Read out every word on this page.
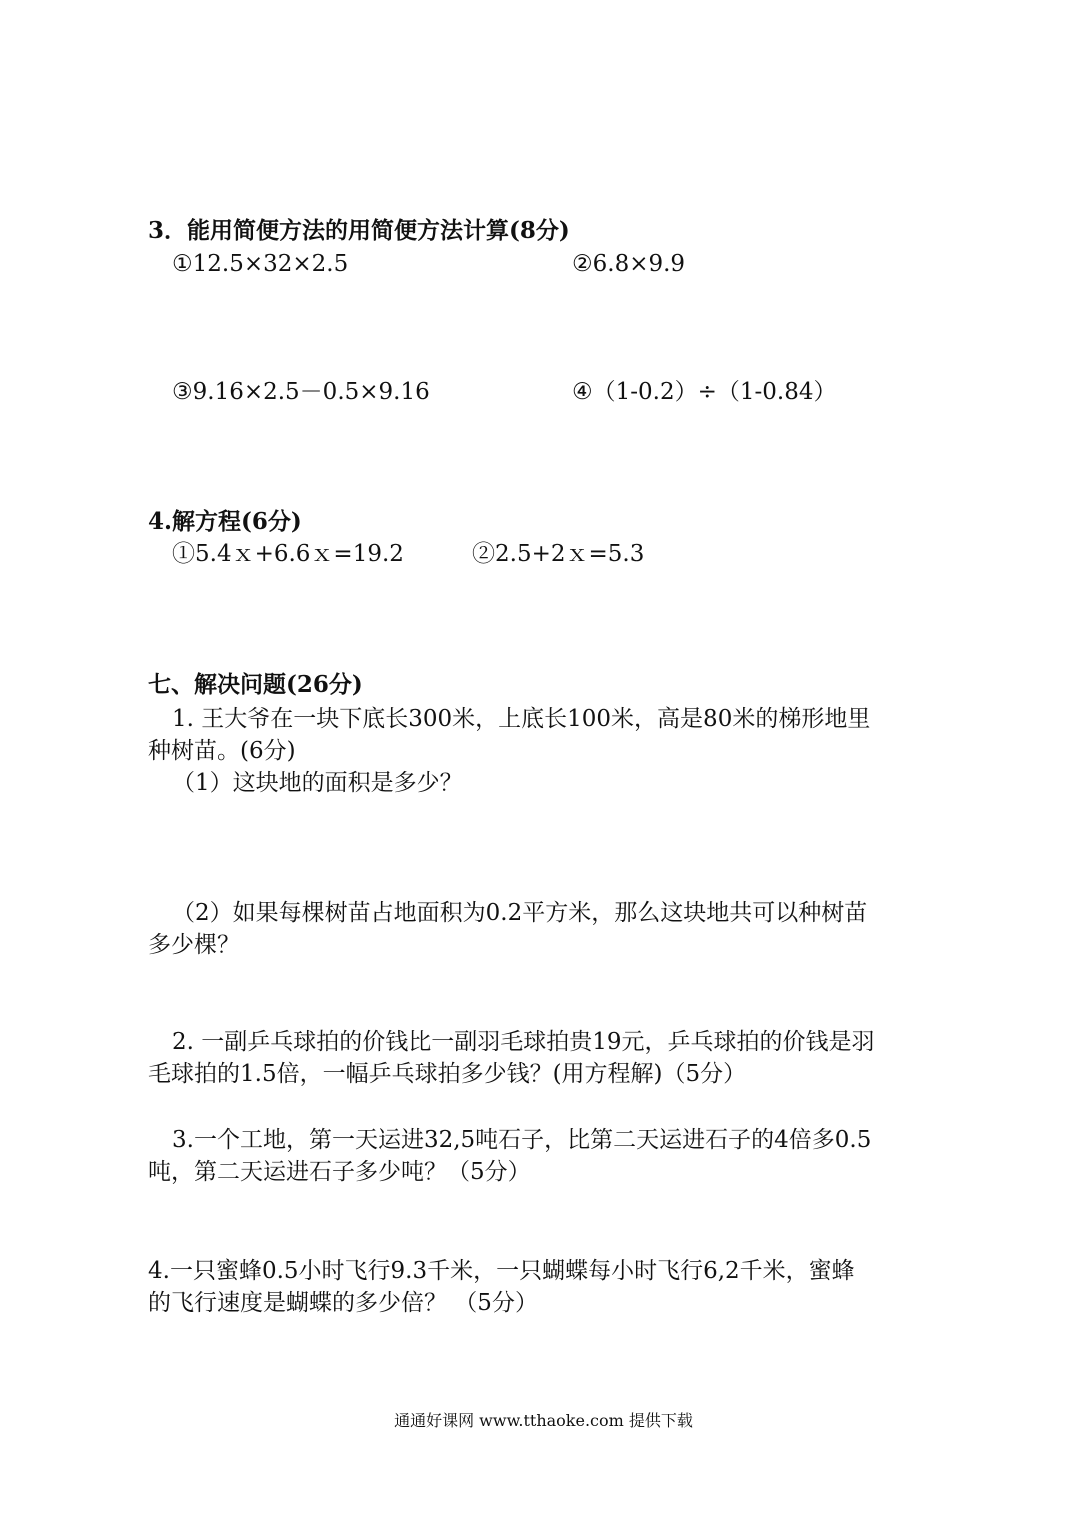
3．能用简便方法的用简便方法计算(8分)
①12.5×32×2.5	②6.8×9.9
③9.16×2.5－0.5×9.16	④（1-0.2）÷（1-0.84）
4.解方程(6分)
①5.4ｘ+6.6ｘ=19.2	②2.5+2ｘ=5.3
七、解决问题(26分)
1. 王大爷在一块下底长300米，上底长100米，高是80米的梯形地里
种树苗。(6分)
（1）这块地的面积是多少？
（2）如果每棵树苗占地面积为0.2平方米，那么这块地共可以种树苗
多少棵？
2. 一副乒乓球拍的价钱比一副羽毛球拍贵19元，乒乓球拍的价钱是羽
毛球拍的1.5倍，一幅乒乓球拍多少钱？(用方程解)（5分）
3.一个工地，第一天运进32,5吨石子，比第二天运进石子的4倍多0.5
吨，第二天运进石子多少吨？（5分）
4.一只蜜蜂0.5小时飞行9.3千米，一只蝴蝶每小时飞行6,2千米，蜜蜂
的飞行速度是蝴蝶的多少倍？ （5分）
通通好课网 www.tthaoke.com 提供下载
